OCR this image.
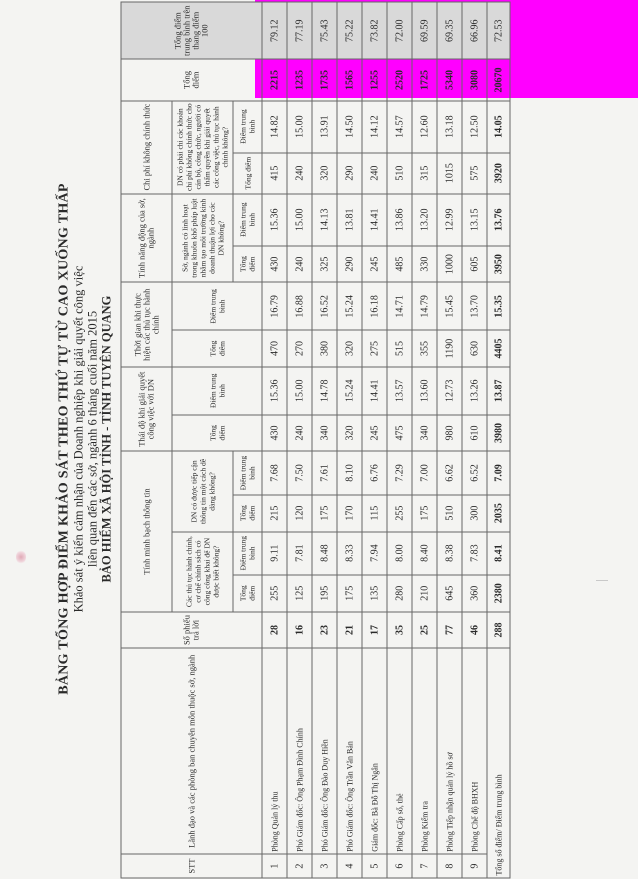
BẢNG TỔNG HỢP ĐIỂM KHẢO SÁT THEO THỨ TỰ TỪ CAO XUỐNG THẤP Khảo sát ý kiến cảm nhận của Doanh nghiệp khi giải quyết công việc liên quan đến các sở, ngành 6 tháng cuối năm 2015 BẢO HIỂM XÃ HỘI TỈNH - TỈNH TUYÊN QUANG
STT	Lãnh đạo và các phòng ban chuyên môn thuộc sở, ngành	Số phiếu trả lời	Tính minh bạch thông tin				Thái độ khi giải quyết công việc với DN		Thời gian khi thực hiện các thủ tục hành chính		Tính năng động của sở, ngành		Chi phí không chính thức		Tổng điểm	Tổng điểm trung bình trên thang điểm 100
			Các thủ tục hành chính, cơ chế chính sách có công công khai để DN được biết không?		DN có được tiếp cận thông tin một cách dễ dàng không?		Tổng điểm	Điểm trung bình	Tổng điểm	Điểm trung bình	Sở, ngành có linh hoạt trong khuôn khổ pháp luật nhằm tạo môi trường kinh doanh thuận lợi cho các DN không?		DN có phải chi các khoản chi phí không chính thức cho cán bộ, công chức, người có thẩm quyền khi giải quyết các công việc, thủ tục hành chính không?			
			Tổng điểm	Điểm trung bình	Tổng điểm	Điểm trung bình					Tổng điểm	Điểm trung bình	Tổng điểm	Điểm trung bình		
1	Phòng Quản lý thu	28	255	9.11	215	7.68	430	15.36	470	16.79	430	15.36	415	14.82	2215	79.12
2	Phó Giám đốc: Ông Phạm Đình Chính	16	125	7.81	120	7.50	240	15.00	270	16.88	240	15.00	240	15.00	1235	77.19
3	Phó Giám đốc: Ông Đào Duy Hiền	23	195	8.48	175	7.61	340	14.78	380	16.52	325	14.13	320	13.91	1735	75.43
4	Phó Giám đốc: Ông Trần Văn Bản	21	175	8.33	170	8.10	320	15.24	320	15.24	290	13.81	290	14.50	1565	75.22
5	Giám đốc: Bà Đỗ Thị Ngân	17	135	7.94	115	6.76	245	14.41	275	16.18	245	14.41	240	14.12	1255	73.82
6	Phòng Cấp sổ, thẻ	35	280	8.00	255	7.29	475	13.57	515	14.71	485	13.86	510	14.57	2520	72.00
7	Phòng Kiểm tra	25	210	8.40	175	7.00	340	13.60	355	14.79	330	13.20	315	12.60	1725	69.59
8	Phòng Tiếp nhận quản lý hồ sơ	77	645	8.38	510	6.62	980	12.73	1190	15.45	1000	12.99	1015	13.18	5340	69.35
9	Phòng Chế độ BHXH	46	360	7.83	300	6.52	610	13.26	630	13.70	605	13.15	575	12.50	3080	66.96
Tổng số điểm/ Điểm trung bình		288	2380	8.41	2035	7.09	3980	13.87	4405	15.35	3950	13.76	3920	14.05	20670	72.53
